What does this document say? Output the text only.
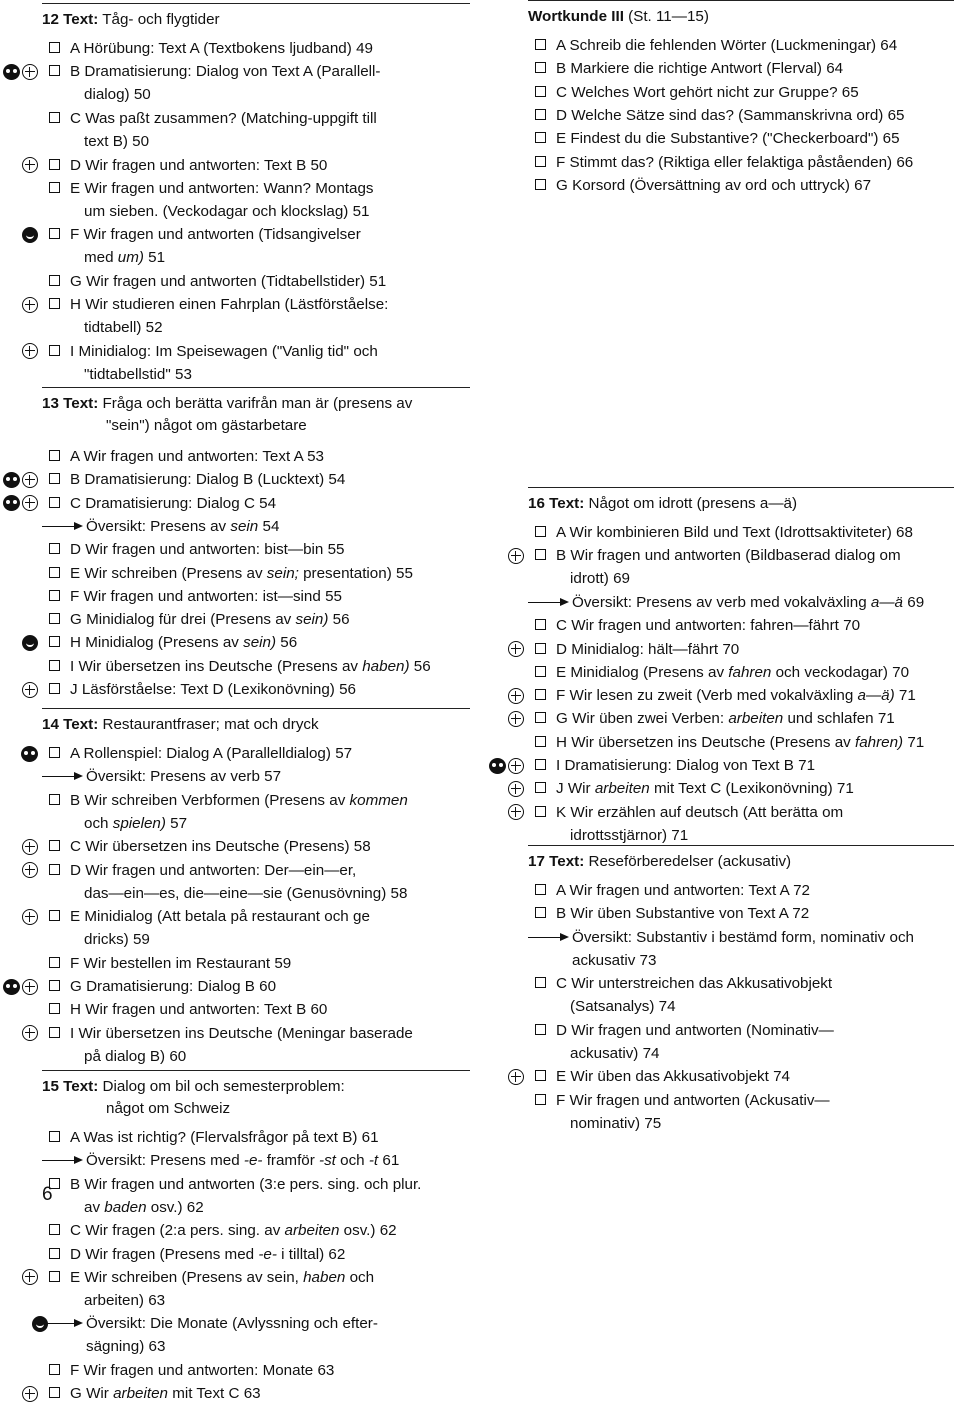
12 Text: Tåg- och flygtider
A Hörübung: Text A (Textbokens ljudband) 49
B Dramatisierung: Dialog von Text A (Parallell-
dialog) 50
C Was paßt zusammen? (Matching-uppgift till
text B) 50
D Wir fragen und antworten: Text B 50
E Wir fragen und antworten: Wann? Montags
um sieben. (Veckodagar och klockslag) 51
F Wir fragen und antworten (Tidsangivelser
med um) 51
G Wir fragen und antworten (Tidtabellstider) 51
H Wir studieren einen Fahrplan (Lästförståelse:
tidtabell) 52
I Minidialog: Im Speisewagen ("Vanlig tid" och
"tidtabellstid" 53
13 Text: Fråga och berätta varifrån man är (presens av
"sein") något om gästarbetare
A Wir fragen und antworten: Text A 53
B Dramatisierung: Dialog B (Lucktext) 54
C Dramatisierung: Dialog C 54
Översikt: Presens av sein 54
D Wir fragen und antworten: bist—bin 55
E Wir schreiben (Presens av sein; presentation) 55
F Wir fragen und antworten: ist—sind 55
G Minidialog für drei (Presens av sein) 56
H Minidialog (Presens av sein) 56
I Wir übersetzen ins Deutsche (Presens av haben) 56
J Läsförståelse: Text D (Lexikonövning) 56
14 Text: Restaurantfraser; mat och dryck
A Rollenspiel: Dialog A (Parallelldialog) 57
Översikt: Presens av verb 57
B Wir schreiben Verbformen (Presens av kommen
och spielen) 57
C Wir übersetzen ins Deutsche (Presens) 58
D Wir fragen und antworten: Der—ein—er,
das—ein—es, die—eine—sie (Genusövning) 58
E Minidialog (Att betala på restaurant och ge
dricks) 59
F Wir bestellen im Restaurant 59
G Dramatisierung: Dialog B 60
H Wir fragen und antworten: Text B 60
I Wir übersetzen ins Deutsche (Meningar baserade
på dialog B) 60
15 Text: Dialog om bil och semesterproblem:
något om Schweiz
A Was ist richtig? (Flervalsfrågor på text B) 61
Översikt: Presens med -e- framför -st och -t 61
B Wir fragen und antworten (3:e pers. sing. och plur.
av baden osv.) 62
C Wir fragen (2:a pers. sing. av arbeiten osv.) 62
D Wir fragen (Presens med -e- i tilltal) 62
E Wir schreiben (Presens av sein, haben och
arbeiten) 63
Översikt: Die Monate (Avlyssning och efter-
sägning) 63
F Wir fragen und antworten: Monate 63
G Wir arbeiten mit Text C 63
Wortkunde III (St. 11—15)
A Schreib die fehlenden Wörter (Luckmeningar) 64
B Markiere die richtige Antwort (Flerval) 64
C Welches Wort gehört nicht zur Gruppe? 65
D Welche Sätze sind das? (Sammanskrivna ord) 65
E Findest du die Substantive? ("Checkerboard") 65
F Stimmt das? (Riktiga eller felaktiga påståenden) 66
G Korsord (Översättning av ord och uttryck) 67
16 Text: Något om idrott (presens a—ä)
A Wir kombinieren Bild und Text (Idrottsaktiviteter) 68
B Wir fragen und antworten (Bildbaserad dialog om
idrott) 69
Översikt: Presens av verb med vokalväxling a—ä 69
C Wir fragen und antworten: fahren—fährt 70
D Minidialog: hält—fährt 70
E Minidialog (Presens av fahren och veckodagar) 70
F Wir lesen zu zweit (Verb med vokalväxling a—ä) 71
G Wir üben zwei Verben: arbeiten und schlafen 71
H Wir übersetzen ins Deutsche (Presens av fahren) 71
I Dramatisierung: Dialog von Text B 71
J Wir arbeiten mit Text C (Lexikonövning) 71
K Wir erzählen auf deutsch (Att berätta om
idrottsstjärnor) 71
17 Text: Reseförberedelser (ackusativ)
A Wir fragen und antworten: Text A 72
B Wir üben Substantive von Text A 72
Översikt: Substantiv i bestämd form, nominativ och
ackusativ 73
C Wir unterstreichen das Akkusativobjekt
(Satsanalys) 74
D Wir fragen und antworten (Nominativ—
ackusativ) 74
E Wir üben das Akkusativobjekt 74
F Wir fragen und antworten (Ackusativ—
nominativ) 75
6
